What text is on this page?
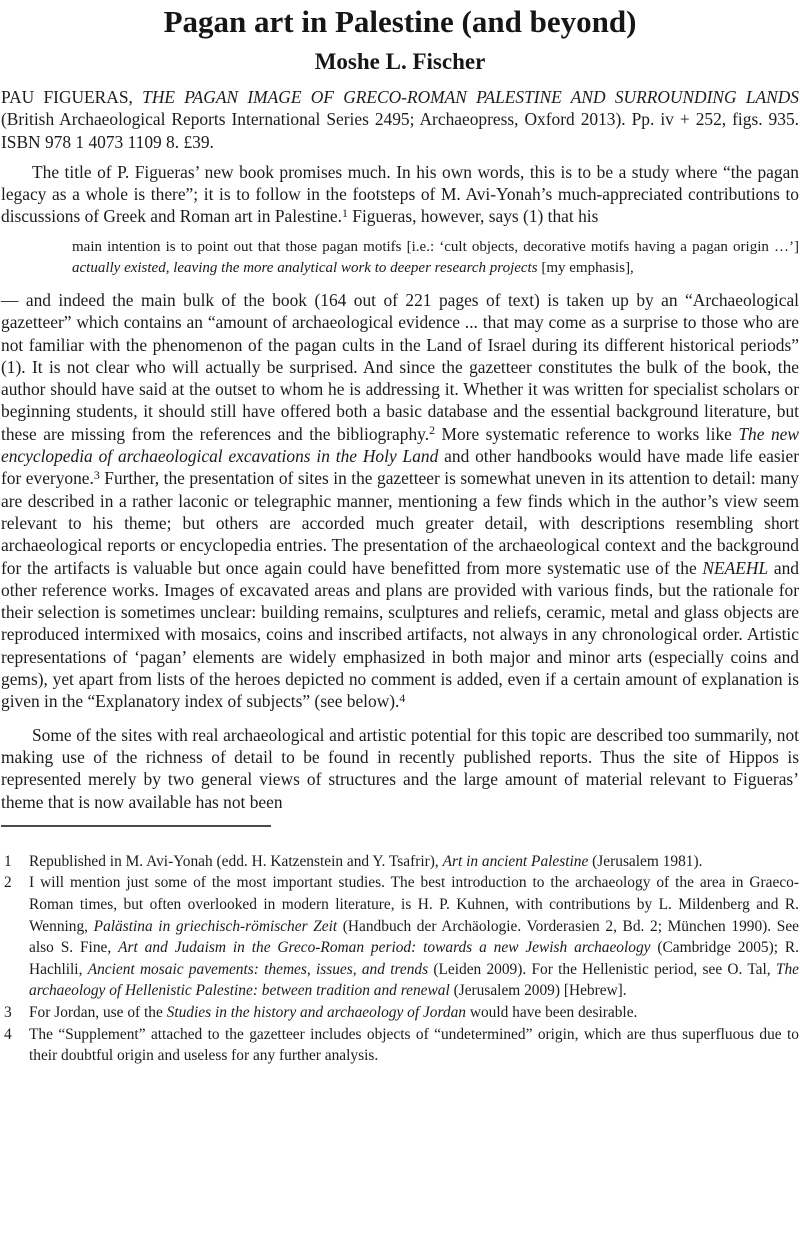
Pagan art in Palestine (and beyond)
Moshe L. Fischer

PAU FIGUERAS, THE PAGAN IMAGE OF GRECO-ROMAN PALESTINE AND SURROUNDING LANDS (British Archaeological Reports International Series 2495; Archaeopress, Oxford 2013). Pp. iv + 252, figs. 935. ISBN 978 1 4073 1109 8. £39.

The title of P. Figueras’ new book promises much. In his own words, this is to be a study where “the pagan legacy as a whole is there”; it is to follow in the footsteps of M. Avi-Yonah’s much-appreciated contributions to discussions of Greek and Roman art in Palestine.$^1$ Figueras, however, says (1) that his

main intention is to point out that those pagan motifs [i.e.: ‘cult objects, decorative motifs having a pagan origin …’] actually existed, leaving the more analytical work to deeper research projects [my emphasis],

— and indeed the main bulk of the book (164 out of 221 pages of text) is taken up by an “Archaeological gazetteer” which contains an “amount of archaeological evidence ... that may come as a surprise to those who are not familiar with the phenomenon of the pagan cults in the Land of Israel during its different historical periods” (1). It is not clear who will actually be surprised. And since the gazetteer constitutes the bulk of the book, the author should have said at the outset to whom he is addressing it. Whether it was written for specialist scholars or beginning students, it should still have offered both a basic database and the essential background literature, but these are missing from the references and the bibliography.$^2$ More systematic reference to works like The new encyclopedia of archaeological excavations in the Holy Land and other handbooks would have made life easier for everyone.$^3$ Further, the presentation of sites in the gazetteer is somewhat uneven in its attention to detail: many are described in a rather laconic or telegraphic manner, mentioning a few finds which in the author’s view seem relevant to his theme; but others are accorded much greater detail, with descriptions resembling short archaeological reports or encyclopedia entries. The presentation of the archaeological context and the background for the artifacts is valuable but once again could have benefitted from more systematic use of the NEAEHL and other reference works. Images of excavated areas and plans are provided with various finds, but the rationale for their selection is sometimes unclear: building remains, sculptures and reliefs, ceramic, metal and glass objects are reproduced intermixed with mosaics, coins and inscribed artifacts, not always in any chronological order. Artistic representations of ‘pagan’ elements are widely emphasized in both major and minor arts (especially coins and gems), yet apart from lists of the heroes depicted no comment is added, even if a certain amount of explanation is given in the “Explanatory index of subjects” (see below).$^4$

Some of the sites with real archaeological and artistic potential for this topic are described too summarily, not making use of the richness of detail to be found in recently published reports. Thus the site of Hippos is represented merely by two general views of structures and the large amount of material relevant to Figueras’ theme that is now available has not been

1	Republished in M. Avi-Yonah (edd. H. Katzenstein and Y. Tsafrir), Art in ancient Palestine (Jerusalem 1981).
2	I will mention just some of the most important studies. The best introduction to the archaeology of the area in Graeco-Roman times, but often overlooked in modern literature, is H. P. Kuhnen, with contributions by L. Mildenberg and R. Wenning, Palästina in griechisch-römischer Zeit (Handbuch der Archäologie. Vorderasien 2, Bd. 2; München 1990). See also S. Fine, Art and Judaism in the Greco-Roman period: towards a new Jewish archaeology (Cambridge 2005); R. Hachlili, Ancient mosaic pavements: themes, issues, and trends (Leiden 2009). For the Hellenistic period, see O. Tal, The archaeology of Hellenistic Palestine: between tradition and renewal (Jerusalem 2009) [Hebrew].
3	For Jordan, use of the Studies in the history and archaeology of Jordan would have been desirable.
4	The “Supplement” attached to the gazetteer includes objects of “undetermined” origin, which are thus superfluous due to their doubtful origin and useless for any further analysis.
